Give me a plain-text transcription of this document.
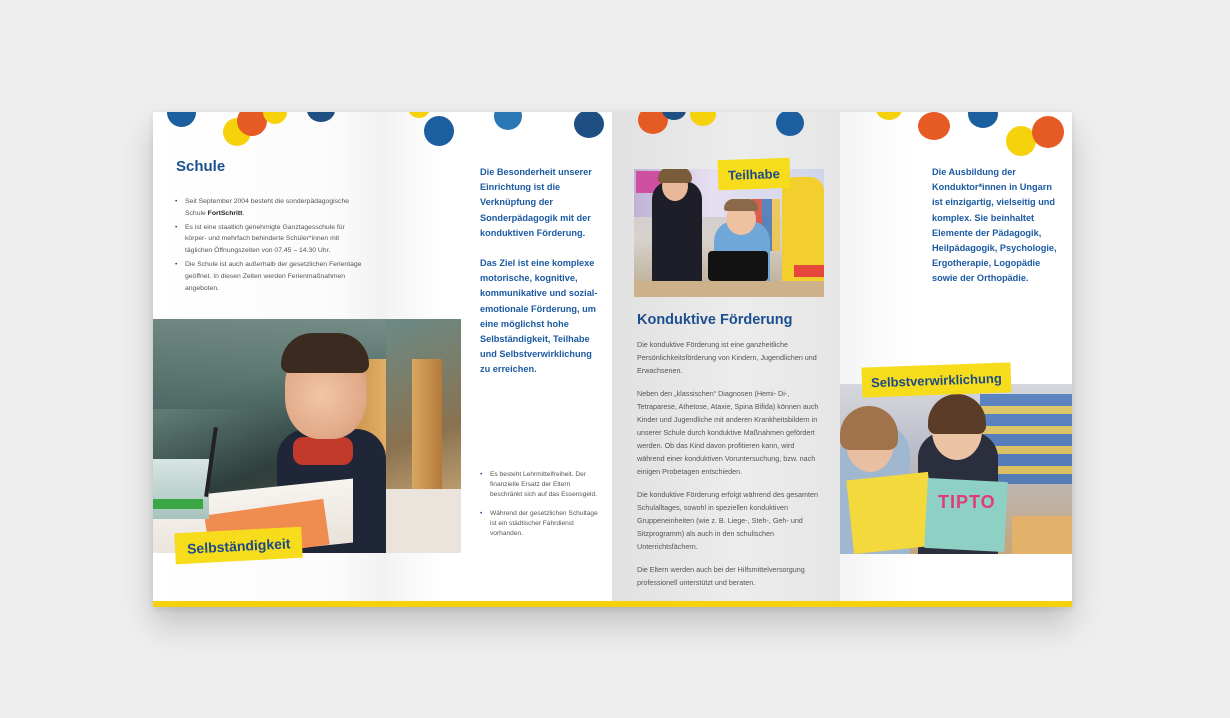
Schule
• Seit September 2004 besteht die sonderpädagogische Schule FortSchritt.
• Es ist eine staatlich genehmigte Ganztagesschule für körper- und mehrfach behinderte Schüler*innen mit täglichen Öffnungszeiten von 07.45 – 14.30 Uhr.
• Die Schule ist auch außerhalb der gesetzlichen Ferientage geöffnet. In diesen Zeiten werden Ferienmaßnahmen angeboten.
Selbständigkeit

Die Besonderheit unserer Einrichtung ist die Verknüpfung der Sonderpädagogik mit der konduktiven Förderung.

Das Ziel ist eine komplexe motorische, kognitive, kommunikative und sozial-emotionale Förderung, um eine möglichst hohe Selbständigkeit, Teilhabe und Selbstverwirklichung zu erreichen.

• Es besteht Lehrmittelfreiheit. Der finanzielle Ersatz der Eltern beschränkt sich auf das Essensgeld.
• Während der gesetzlichen Schultage ist ein städtischer Fahrdienst vorhanden.
Teilhabe
Konduktive Förderung

Die konduktive Förderung ist eine ganzheitliche Persönlichkeitsförderung von Kindern, Jugendlichen und Erwachsenen.

Neben den „klassischen“ Diagnosen (Hemi- Di-, Tetraparese, Athetose, Ataxie, Spina Bifida) können auch Kinder und Jugendliche mit anderen Krankheitsbildern in unserer Schule durch konduktive Maßnahmen gefördert werden. Ob das Kind davon profitieren kann, wird während einer konduktiven Voruntersuchung, bzw. nach einigen Probetagen entschieden.

Die konduktive Förderung erfolgt während des gesamten Schulalltages, sowohl in speziellen konduktiven Gruppeneinheiten (wie z. B. Liege-, Steh-, Geh- und Sitzprogramm) als auch in den schulischen Unterrichtsfächern.

Die Eltern werden auch bei der Hilfsmittelversorgung professionell unterstützt und beraten.

Die Ausbildung der Konduktor*innen in Ungarn ist einzigartig, vielseitig und komplex. Sie beinhaltet Elemente der Pädagogik, Heilpädagogik, Psychologie, Ergotherapie, Logopädie sowie der Orthopädie.

TIPTO
Selbstverwirklichung
